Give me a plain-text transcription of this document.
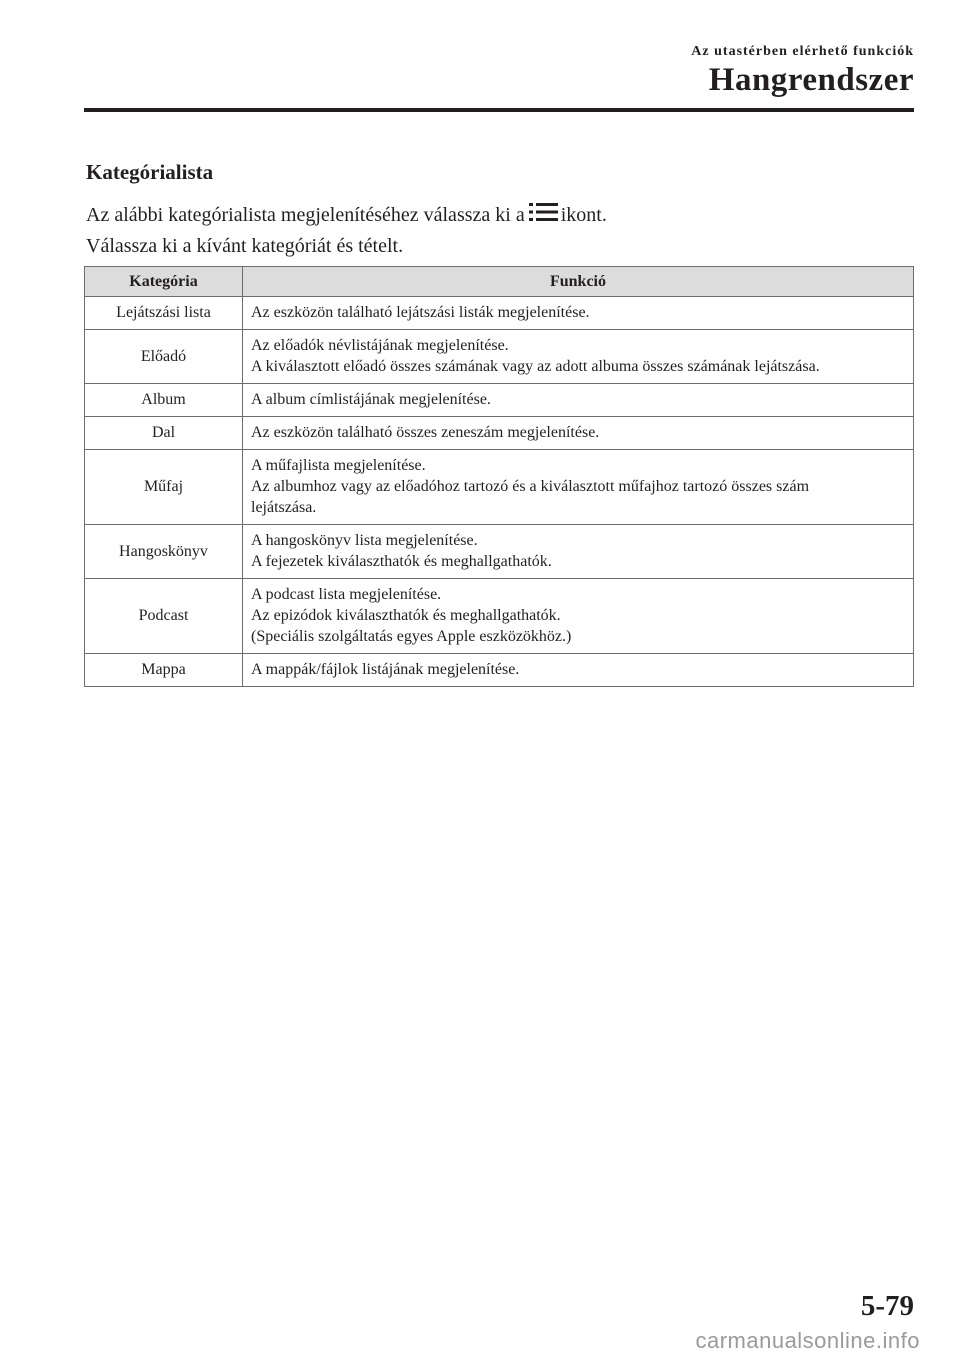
Az utastérben elérhető funkciók
Hangrendszer
Kategórialista

Az alábbi kategórialista megjelenítéséhez válassza ki a ikont.

Válassza ki a kívánt kategóriát és tételt.

Kategória	Funkció
Lejátszási lista	Az eszközön található lejátszási listák megjelenítése.

Előadó	Az előadók névlistájának megjelenítése.
A kiválasztott előadó összes számának vagy az adott albuma összes számának lejátszása.

Album	A album címlistájának megjelenítése.

Dal	Az eszközön található összes zeneszám megjelenítése.

Műfaj	A műfajlista megjelenítése.
Az albumhoz vagy az előadóhoz tartozó és a kiválasztott műfajhoz tartozó összes szám
lejátszása.

Hangoskönyv	A hangoskönyv lista megjelenítése.
A fejezetek kiválaszthatók és meghallgathatók.

Podcast	A podcast lista megjelenítése.
Az epizódok kiválaszthatók és meghallgathatók.
(Speciális szolgáltatás egyes Apple eszközökhöz.)

Mappa	A mappák/fájlok listájának megjelenítése.
5-79
carmanualsonline.info
